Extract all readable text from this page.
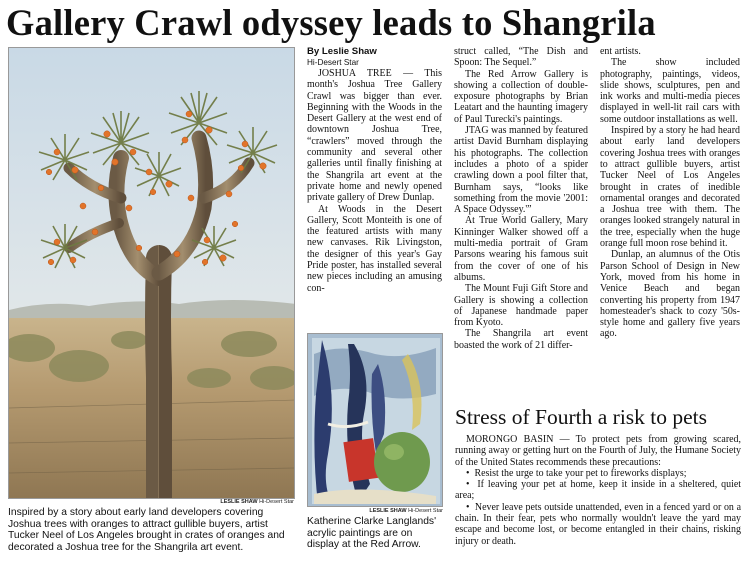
Gallery Crawl odyssey leads to Shangrila
LESLIE SHAW Hi-Desert Star
Inspired by a story about early land developers covering Joshua trees with oranges to attract gullible buyers, artist Tucker Neel of Los Angeles brought in crates of oranges and decorated a Joshua tree for the Shangrila art event.
By Leslie Shaw
Hi-Desert Star

JOSHUA TREE — This month's Joshua Tree Gallery Crawl was bigger than ever. Beginning with the Woods in the Desert Gallery at the west end of downtown Joshua Tree, “crawlers” moved through the community and several other galleries until finally finishing at the Shangrila art event at the private home and newly opened private gallery of Drew Dunlap.

At Woods in the Desert Gallery, Scott Monteith is one of the featured artists with many new canvases. Rik Livingston, the designer of this year's Gay Pride poster, has installed several new pieces including an amusing con-

LESLIE SHAW Hi-Desert Star
Katherine Clarke Langlands' acrylic paintings are on display at the Red Arrow.

struct called, “The Dish and Spoon: The Sequel.”

The Red Arrow Gallery is showing a collection of double-exposure photographs by Brian Leatart and the haunting imagery of Paul Turecki's paintings.

JTAG was manned by featured artist David Burnham displaying his photographs. The collection includes a photo of a spider crawling down a pool filter that, Burnham says, “looks like something from the movie '2001: A Space Odyssey.'”

At True World Gallery, Mary Kinninger Walker showed off a multi-media portrait of Gram Parsons wearing his famous suit from the cover of one of his albums.

The Mount Fuji Gift Store and Gallery is showing a collection of Japanese handmade paper from Kyoto.

The Shangrila art event boasted the work of 21 differ-

ent artists.

The show included photography, paintings, videos, slide shows, sculptures, pen and ink works and multi-media pieces displayed in well-lit rail cars with some outdoor installations as well.

Inspired by a story he had heard about early land developers covering Joshua trees with oranges to attract gullible buyers, artist Tucker Neel of Los Angeles brought in crates of inedible ornamental oranges and decorated a Joshua tree with them. The oranges looked strangely natural in the tree, especially when the huge orange full moon rose behind it.

Dunlap, an alumnus of the Otis Parson School of Design in New York, moved from his home in Venice Beach and began converting his property from 1947 homesteader's shack to cozy '50s-style home and gallery five years ago.

Stress of Fourth a risk to pets

MORONGO BASIN — To protect pets from growing scared, running away or getting hurt on the Fourth of July, the Humane Society of the United States recommends these precautions:

• Resist the urge to take your pet to fireworks displays;

• If leaving your pet at home, keep it inside in a sheltered, quiet area;

• Never leave pets outside unattended, even in a fenced yard or on a chain. In their fear, pets who normally wouldn't leave the yard may escape and become lost, or become entangled in their chains, risking injury or death.
